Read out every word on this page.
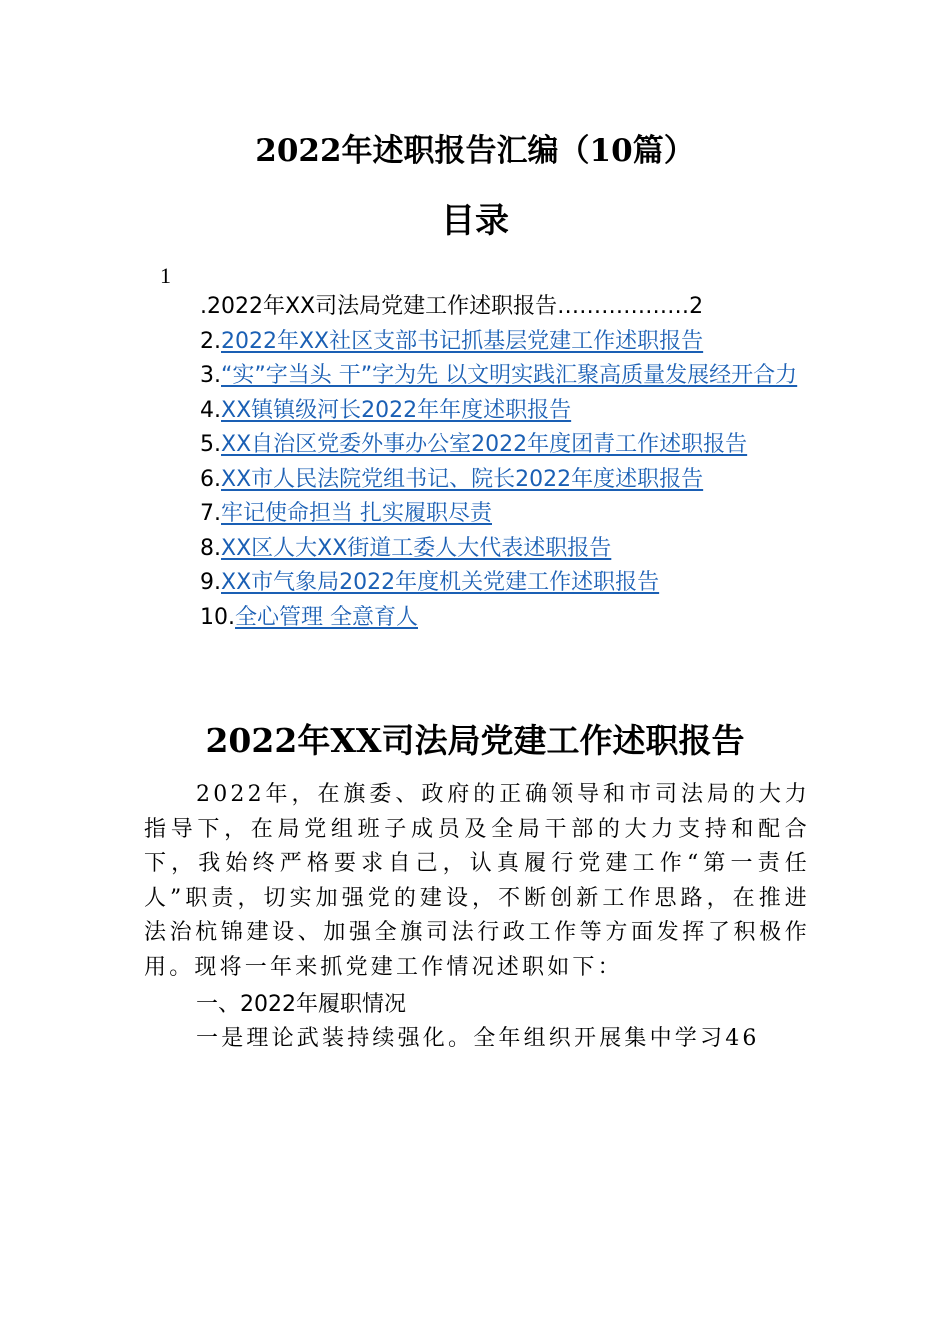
2022年述职报告汇编（10篇）
目录
1
.2022年XX司法局党建工作述职报告………………2
2.2022年XX社区支部书记抓基层党建工作述职报告
3.“实”字当头 干”字为先 以文明实践汇聚高质量发展经开合力
4.XX镇镇级河长2022年年度述职报告
5.XX自治区党委外事办公室2022年度团青工作述职报告
6.XX市人民法院党组书记、院长2022年度述职报告
7.牢记使命担当 扎实履职尽责
8.XX区人大XX街道工委人大代表述职报告
9.XX市气象局2022年度机关党建工作述职报告
10.全心管理 全意育人
2022年XX司法局党建工作述职报告

2022年，在旗委、政府的正确领导和市司法局的大力指导下，在局党组班子成员及全局干部的大力支持和配合下，我始终严格要求自己，认真履行党建工作“第一责任人”职责，切实加强党的建设，不断创新工作思路，在推进法治杭锦建设、加强全旗司法行政工作等方面发挥了积极作用。现将一年来抓党建工作情况述职如下：

一、2022年履职情况

一是理论武装持续强化。全年组织开展集中学习46
